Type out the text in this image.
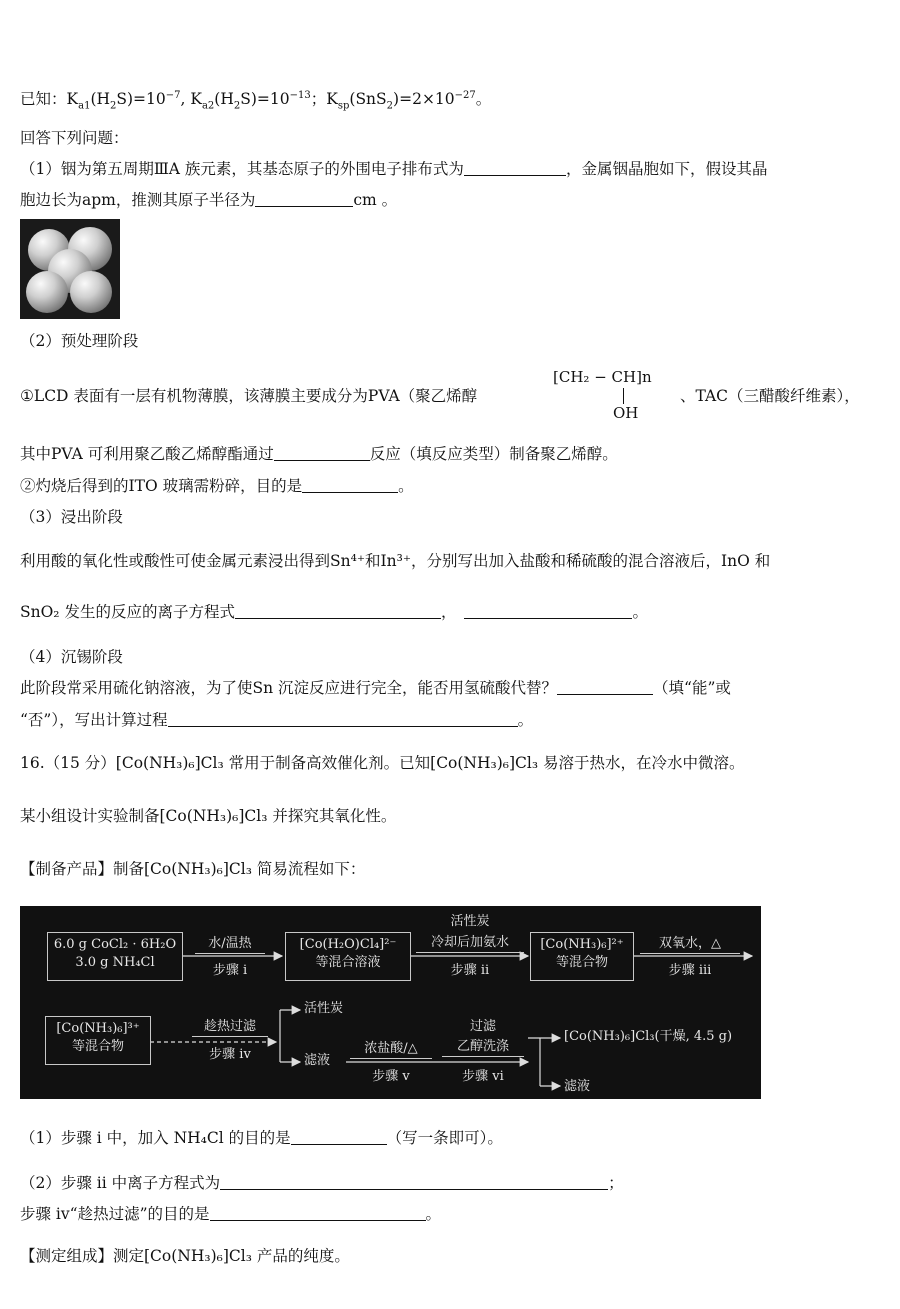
已知：$K_{a1}(H_2S)=10^{-7}$, $K_{a2}(H_2S)=10^{-13}$；$K_{sp}(SnS_2)=2\times 10^{-27}$。
回答下列问题：
（1）铟为第五周期ⅢA 族元素，其基态原子的外围电子排布式为	，金属铟晶胞如下，假设其晶
胞边长为apm，推测其原子半径为	cm 。
（2）预处理阶段
①LCD 表面有一层有机物薄膜，该薄膜主要成分为PVA（聚乙烯醇
[CH₂ − CH]n
OH
、TAC（三醋酸纤维素），
其中PVA 可利用聚乙酸乙烯醇酯通过	反应（填反应类型）制备聚乙烯醇。
②灼烧后得到的ITO 玻璃需粉碎，目的是	。
（3）浸出阶段
利用酸的氧化性或酸性可使金属元素浸出得到Sn⁴⁺和In³⁺，分别写出加入盐酸和稀硫酸的混合溶液后，InO 和
SnO₂ 发生的反应的离子方程式	，	。
（4）沉锡阶段
此阶段常采用硫化钠溶液，为了使Sn 沉淀反应进行完全，能否用氢硫酸代替？	（填“能”或
“否”），写出计算过程	。
16.（15 分）[Co(NH₃)₆]Cl₃ 常用于制备高效催化剂。已知[Co(NH₃)₆]Cl₃ 易溶于热水，在冷水中微溶。
某小组设计实验制备[Co(NH₃)₆]Cl₃ 并探究其氧化性。
【制备产品】制备[Co(NH₃)₆]Cl₃ 简易流程如下：
6.0 g CoCl₂ · 6H₂O
3.0 g NH₄Cl
水/温热
步骤 i
[Co(H₂O)Cl₄]²⁻
等混合溶液
活性炭
冷却后加氨水
步骤 ii
[Co(NH₃)₆]²⁺
等混合物
双氧水，△
步骤 iii
[Co(NH₃)₆]³⁺
等混合物
趁热过滤
步骤 iv
活性炭
滤液
浓盐酸/△
步骤 v
过滤
乙醇洗涤
步骤 vi
[Co(NH₃)₆]Cl₃(干燥, 4.5 g)
滤液
（1）步骤 i 中，加入 NH₄Cl 的目的是	（写一条即可）。
（2）步骤 ii 中离子方程式为	；
步骤 iv“趁热过滤”的目的是	。
【测定组成】测定[Co(NH₃)₆]Cl₃ 产品的纯度。
